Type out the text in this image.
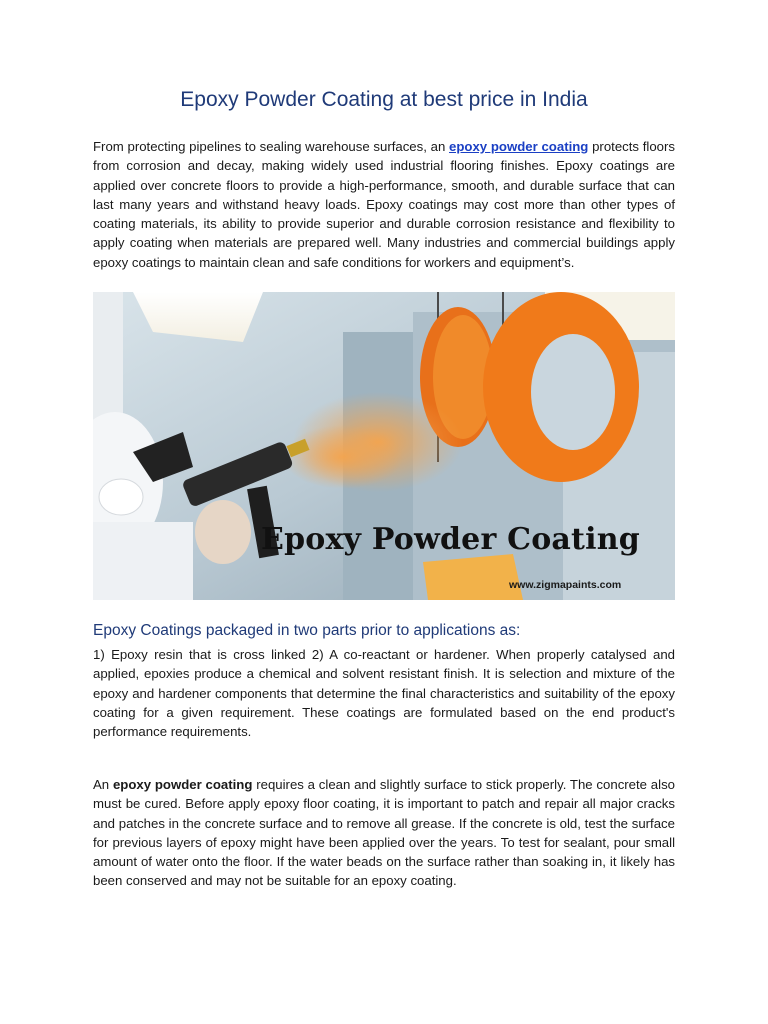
Epoxy Powder Coating at best price in India
From protecting pipelines to sealing warehouse surfaces, an epoxy powder coating protects floors from corrosion and decay, making widely used industrial flooring finishes. Epoxy coatings are applied over concrete floors to provide a high-performance, smooth, and durable surface that can last many years and withstand heavy loads. Epoxy coatings may cost more than other types of coating materials, its ability to provide superior and durable corrosion resistance and flexibility to apply coating when materials are prepared well. Many industries and commercial buildings apply epoxy coatings to maintain clean and safe conditions for workers and equipment’s.
Epoxy Powder Coating
www.zigmapaints.com
Epoxy Coatings packaged in two parts prior to applications as:
1) Epoxy resin that is cross linked 2) A co-reactant or hardener. When properly catalysed and applied, epoxies produce a chemical and solvent resistant finish. It is selection and mixture of the epoxy and hardener components that determine the final characteristics and suitability of the epoxy coating for a given requirement. These coatings are formulated based on the end product's performance requirements.
An epoxy powder coating requires a clean and slightly surface to stick properly. The concrete also must be cured. Before apply epoxy floor coating, it is important to patch and repair all major cracks and patches in the concrete surface and to remove all grease. If the concrete is old, test the surface for previous layers of epoxy might have been applied over the years. To test for sealant, pour small amount of water onto the floor. If the water beads on the surface rather than soaking in, it likely has been conserved and may not be suitable for an epoxy coating.
